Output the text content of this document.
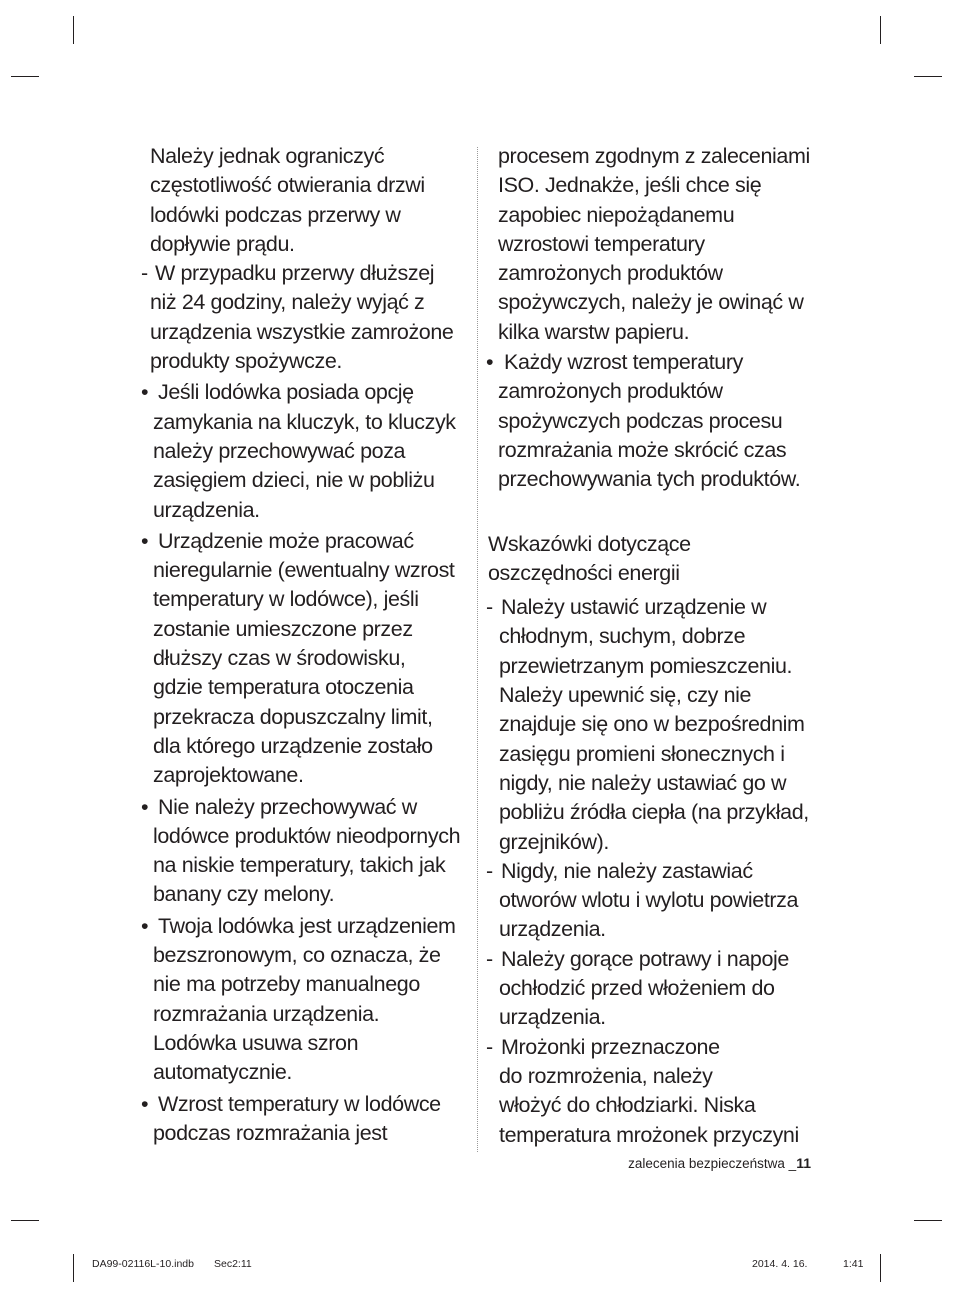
Należy jednak ograniczyć
częstotliwość otwierania drzwi
lodówki podczas przerwy w
dopływie prądu.
- W przypadku przerwy dłuższej
niż 24 godziny, należy wyjąć z
urządzenia wszystkie zamrożone
produkty spożywcze.
• Jeśli lodówka posiada opcję
zamykania na kluczyk, to kluczyk
należy przechowywać poza
zasięgiem dzieci, nie w pobliżu
urządzenia.
• Urządzenie może pracować
nieregularnie (ewentualny wzrost
temperatury w lodówce), jeśli
zostanie umieszczone przez
dłuższy czas w środowisku,
gdzie temperatura otoczenia
przekracza dopuszczalny limit,
dla którego urządzenie zostało
zaprojektowane.
• Nie należy przechowywać w
lodówce produktów nieodpornych
na niskie temperatury, takich jak
banany czy melony.
• Twoja lodówka jest urządzeniem
bezszronowym, co oznacza, że
nie ma potrzeby manualnego
rozmrażania urządzenia.
Lodówka usuwa szron
automatycznie.
• Wzrost temperatury w lodówce
podczas rozmrażania jest
procesem zgodnym z zaleceniami
ISO. Jednakże, jeśli chce się
zapobiec niepożądanemu
wzrostowi temperatury
zamrożonych produktów
spożywczych, należy je owinąć w
kilka warstw papieru.
• Każdy wzrost temperatury
zamrożonych produktów
spożywczych podczas procesu
rozmrażania może skrócić czas
przechowywania tych produktów.
Wskazówki dotyczące
oszczędności energii
- Należy ustawić urządzenie w
chłodnym, suchym, dobrze
przewietrzanym pomieszczeniu.
Należy upewnić się, czy nie
znajduje się ono w bezpośrednim
zasięgu promieni słonecznych i
nigdy, nie należy ustawiać go w
pobliżu źródła ciepła (na przykład,
grzejników).
- Nigdy, nie należy zastawiać
otworów wlotu i wylotu powietrza
urządzenia.
- Należy gorące potrawy i napoje
ochłodzić przed włożeniem do
urządzenia.
- Mrożonki przeznaczone
do rozmrożenia, należy
włożyć do chłodziarki. Niska
temperatura mrożonek przyczyni
zalecenia bezpieczeństwa _11
DA99-02116L-10.indb Sec2:11	2014. 4. 16.	1:41
